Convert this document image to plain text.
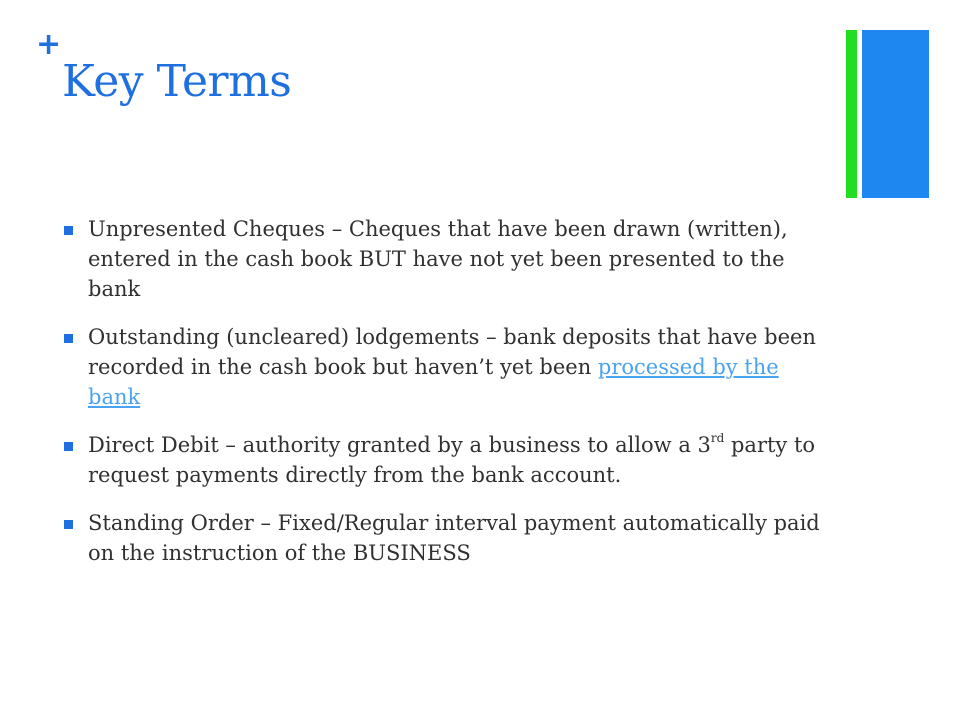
+
Key Terms
Unpresented Cheques – Cheques that have been drawn (written), entered in the cash book BUT have not yet been presented to the bank
Outstanding (uncleared) lodgements – bank deposits that have been recorded in the cash book but haven’t yet been processed by the bank
Direct Debit – authority granted by a business to allow a 3rd party to request payments directly from the bank account.
Standing Order – Fixed/Regular interval payment automatically paid on the instruction of the BUSINESS
